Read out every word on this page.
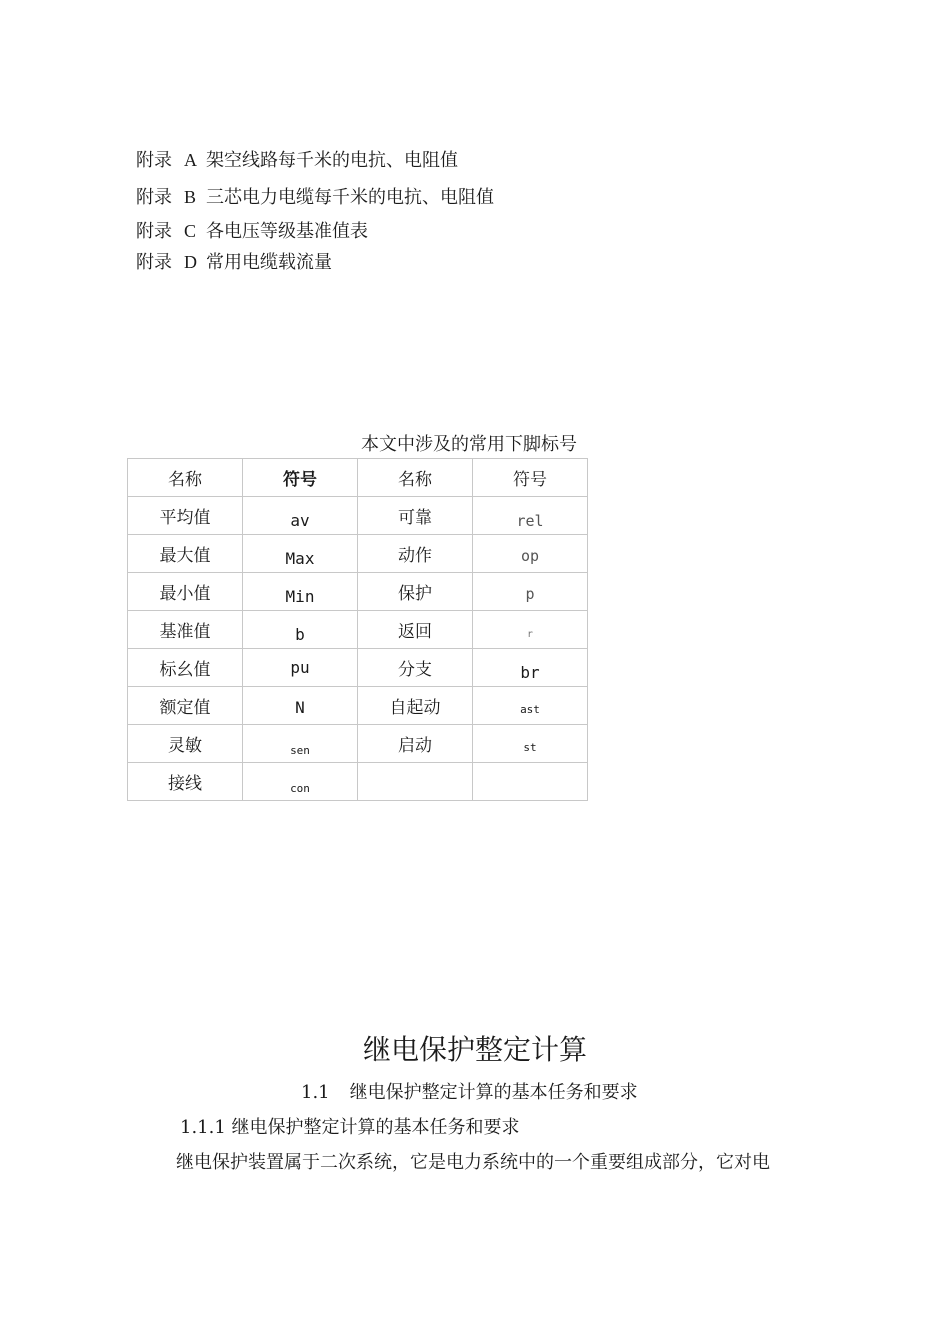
附录 A 架空线路每千米的电抗、电阻值
附录 B 三芯电力电缆每千米的电抗、电阻值
附录 C 各电压等级基准值表
附录 D 常用电缆载流量
本文中涉及的常用下脚标号
名称	符号	名称	符号
平均值	av	可靠	rel
最大值	Max	动作	op
最小值	Min	保护	p
基准值	b	返回	r
标幺值	pu	分支	br
额定值	N	自起动	ast
灵敏	$_{sen}$	启动	st
接线	$_{con}$		
继电保护整定计算
1.1 继电保护整定计算的基本任务和要求
1.1.1 继电保护整定计算的基本任务和要求
继电保护装置属于二次系统，它是电力系统中的一个重要组成部分，它对电
